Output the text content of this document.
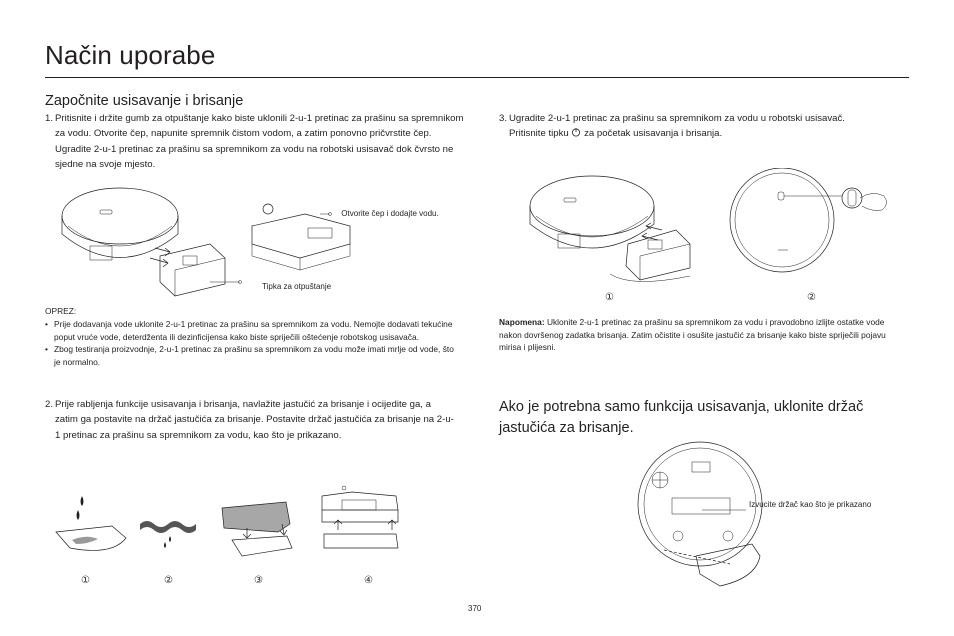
Način uporabe
Započnite usisavanje i brisanje
1. Pritisnite i držite gumb za otpuštanje kako biste uklonili 2-u-1 pretinac za prašinu sa spremnikom za vodu. Otvorite čep, napunite spremnik čistom vodom, a zatim ponovno pričvrstite čep. Ugradite 2-u-1 pretinac za prašinu sa spremnikom za vodu na robotski usisavač dok čvrsto ne sjedne na svoje mjesto.
Otvorite čep i dodajte vodu.
Tipka za otpuštanje
OPREZ:
• Prije dodavanja vode uklonite 2-u-1 pretinac za prašinu sa spremnikom za vodu. Nemojte dodavati tekućine poput vruće vode, deterdženta ili dezinficijensa kako biste spriječili oštećenje robotskog usisavača.
• Zbog testiranja proizvodnje, 2-u-1 pretinac za prašinu sa spremnikom za vodu može imati mrlje od vode, što je normalno.
2. Prije rabljenja funkcije usisavanja i brisanja, navlažite jastučić za brisanje i ocijedite ga, a zatim ga postavite na držač jastučića za brisanje. Postavite držač jastučića za brisanje na 2-u-1 pretinac za prašinu sa spremnikom za vodu, kao što je prikazano.
①	②	③	④
3. Ugradite 2-u-1 pretinac za prašinu sa spremnikom za vodu u robotski usisavač.
Pritisnite tipku za početak usisavanja i brisanja.
①	②
Napomena: Uklonite 2-u-1 pretinac za prašinu sa spremnikom za vodu i pravodobno izlijte ostatke vode nakon dovršenog zadatka brisanja. Zatim očistite i osušite jastučić za brisanje kako biste spriječili pojavu mirisa i plijesni.
Ako je potrebna samo funkcija usisavanja, uklonite držač jastučića za brisanje.
Izvucite držač kao što je prikazano
370
